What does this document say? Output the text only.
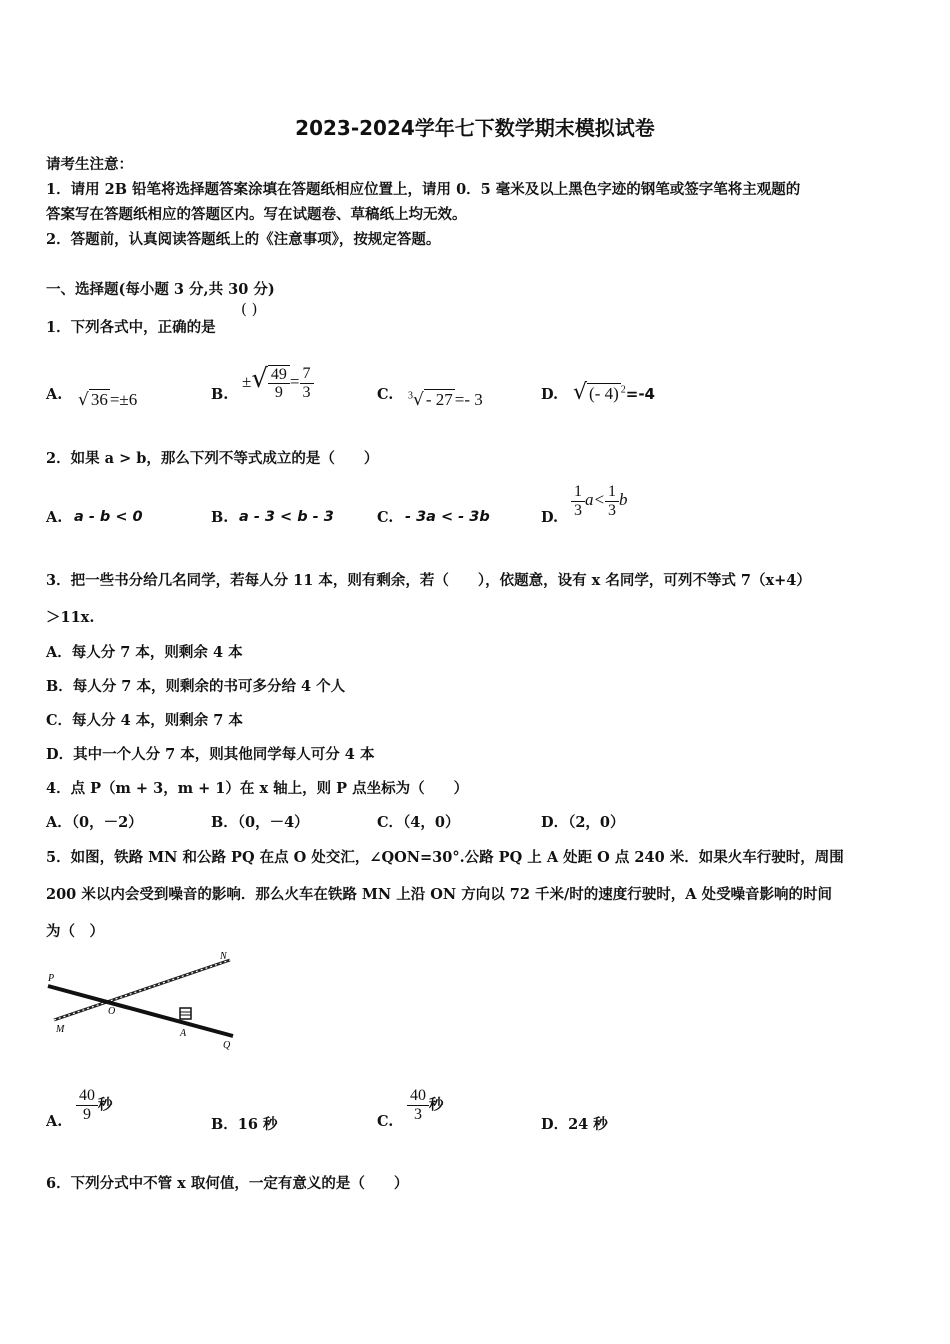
2023-2024学年七下数学期末模拟试卷
请考生注意：
1．请用 2B 铅笔将选择题答案涂填在答题纸相应位置上，请用 0．5 毫米及以上黑色字迹的钢笔或签字笔将主观题的
答案写在答题纸相应的答题区内。写在试题卷、草稿纸上均无效。
2．答题前，认真阅读答题纸上的《注意事项》，按规定答题。
一、选择题(每小题 3 分,共 30 分)
1．下列各式中，正确的是
( )
A. √ 36 =±6	B.
±√ $\frac{49}{9} = \frac{7}{3}$	C. $^3$√ - 27 =- 3	D. √ (- 4) $^2$=-4
2．如果 a > b，那么下列不等式成立的是（　　）
A. a - b < 0	B. a - 3 < b - 3	C. - 3a < - 3b	D. $\frac{1}{3} a< \frac{1}{3}$ b
3．把一些书分给几名同学，若每人分 11 本，则有剩余，若（　　），依题意，设有 x 名同学，可列不等式 7（x+4）
＞11x.
A．每人分 7 本，则剩余 4 本
B．每人分 7 本，则剩余的书可多分给 4 个人
C．每人分 4 本，则剩余 7 本
D．其中一个人分 7 本，则其他同学每人可分 4 本
4．点 P（m + 3，m + 1）在 x 轴上，则 P 点坐标为（　　）
A．（0，－2）	B．（0，－4）	C．（4，0）	D．（2，0）
5．如图，铁路 MN 和公路 PQ 在点 O 处交汇，∠QON=30°.公路 PQ 上 A 处距 O 点 240 米．如果火车行驶时，周围
200 米以内会受到噪音的影响．那么火车在铁路 MN 上沿 ON 方向以 72 千米/时的速度行驶时，A 处受噪音影响的时间
为（　）
P
N
O
M	A
Q
A. $\frac{40}{9}$ 秒
B．16 秒	C. $\frac{40}{3}$ 秒
D．24 秒
6．下列分式中不管 x 取何值，一定有意义的是（　　）
